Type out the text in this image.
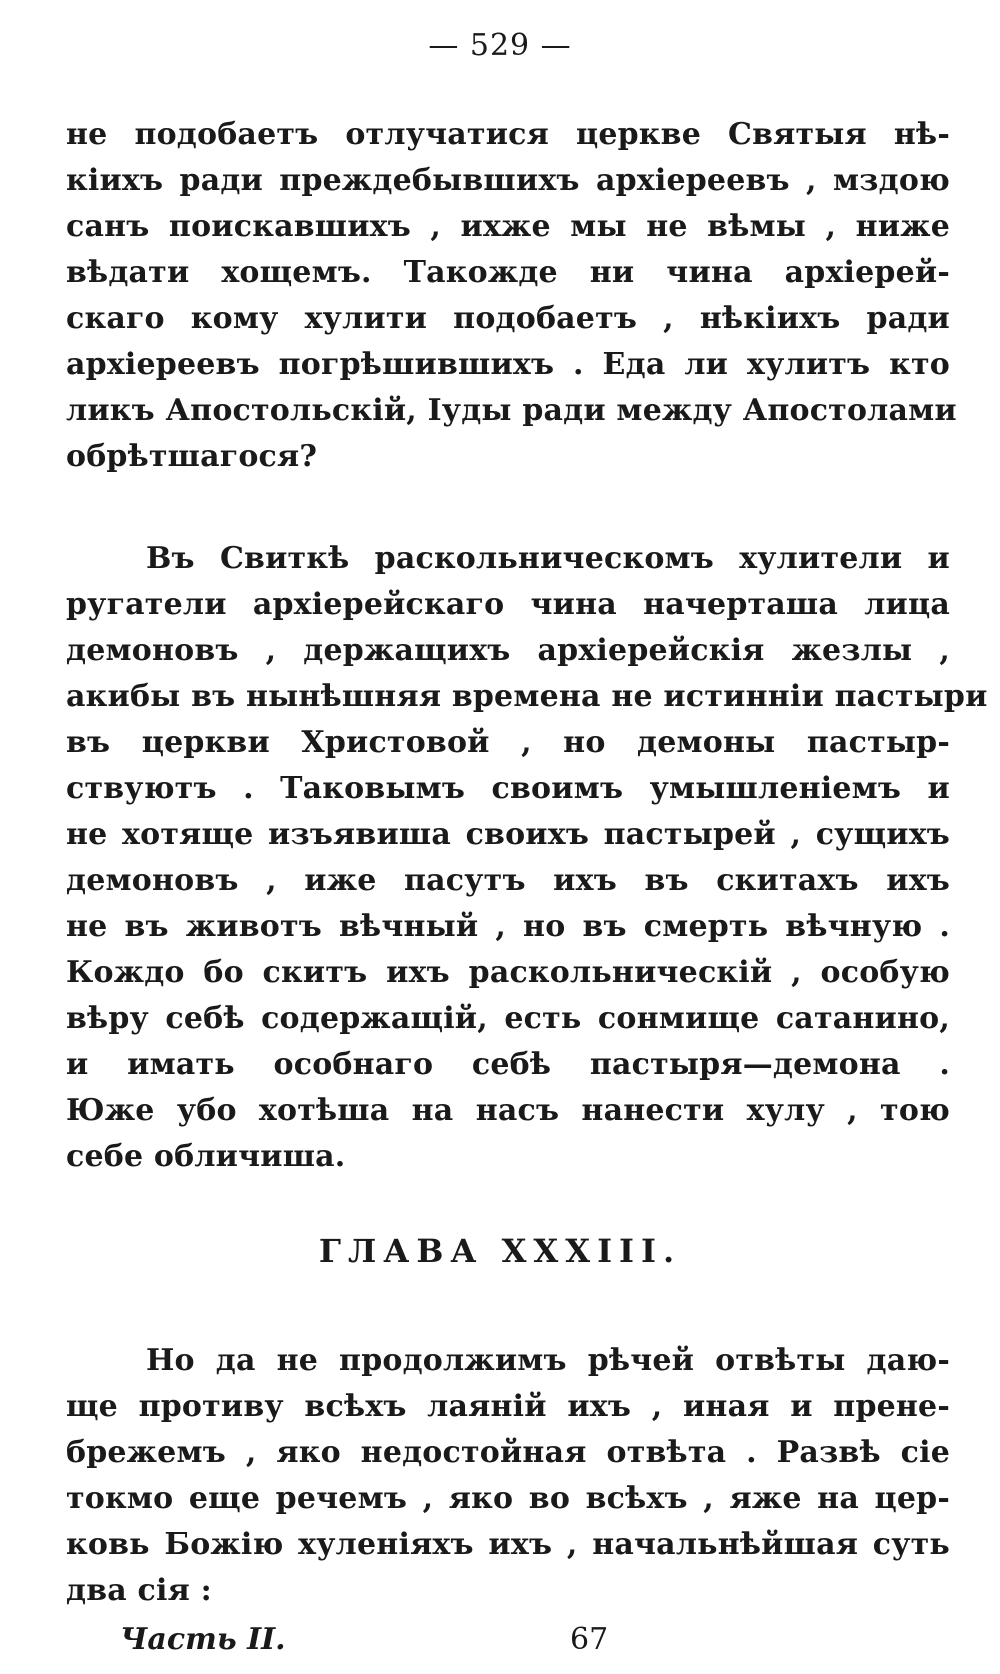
— 529 —
не подобаетъ отлучатися церкве Святыя нѣ-
кіихъ ради преждебывшихъ архіереевъ , мздою
санъ поискавшихъ , ихже мы не вѣмы , ниже
вѣдати хощемъ. Такожде ни чина архіерей-
скаго кому хулити подобаетъ , нѣкіихъ ради
архіереевъ погрѣшившихъ . Еда ли хулитъ кто
ликъ Апостольскій, Іуды ради между Апостолами
обрѣтшагося?
Въ Свиткѣ раскольническомъ хулители и
ругатели архіерейскаго чина начерташа лица
демоновъ , держащихъ архіерейскія жезлы ,
акибы въ нынѣшняя времена не истинніи пастыри
въ церкви Христовой , но демоны пастыр-
ствуютъ . Таковымъ своимъ умышленіемъ и
не хотяще изъявиша своихъ пастырей , сущихъ
демоновъ , иже пасутъ ихъ въ скитахъ ихъ
не въ животъ вѣчный , но въ смерть вѣчную .
Кождо бо скитъ ихъ раскольническій , особую
вѣру себѣ содержащій, есть сонмище сатанино,
и имать особнаго себѣ пастыря—демона .
Юже убо хотѣша на насъ нанести хулу , тою
себе обличиша.
ГЛАВА XXXIII.
Но да не продолжимъ рѣчей отвѣты даю-
ще противу всѣхъ лаяній ихъ , иная и пренe-
брежемъ , яко недостойная отвѣта . Развѣ сіе
токмо еще речемъ , яко во всѣхъ , яже на цер-
ковь Божію хуленіяхъ ихъ , начальнѣйшая суть
два сія :
Часть II.	67
